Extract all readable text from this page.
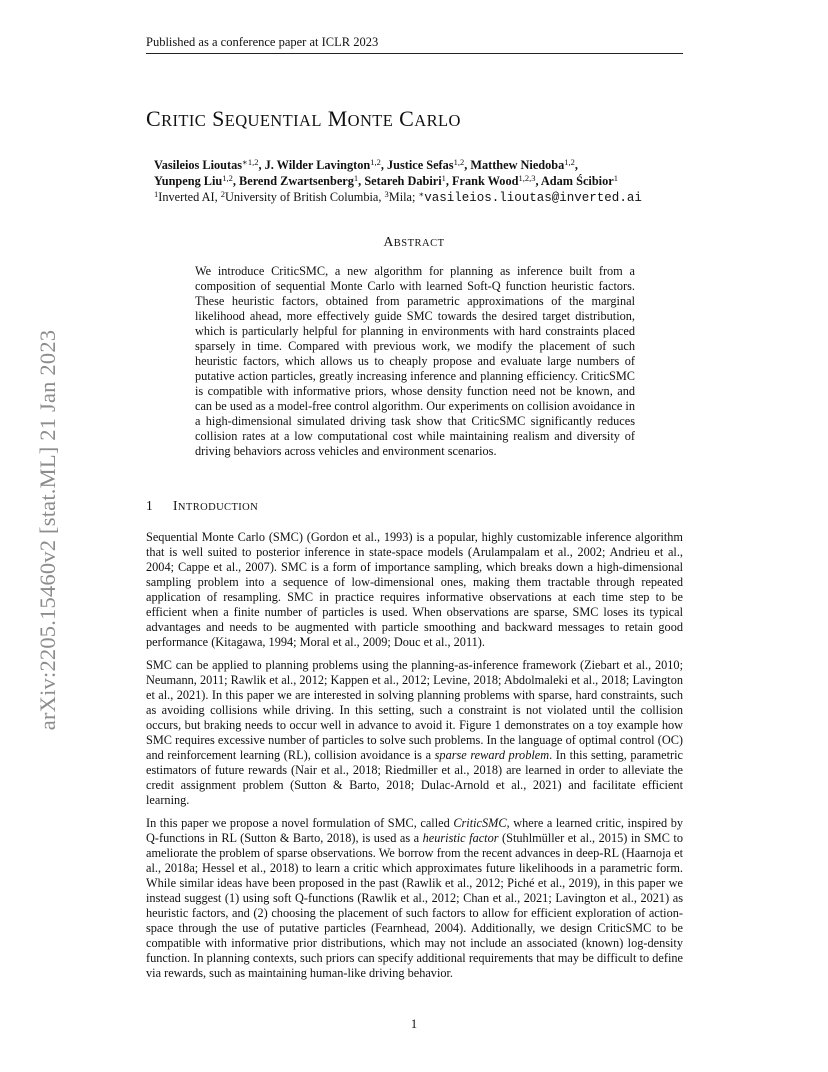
Published as a conference paper at ICLR 2023
arXiv:2205.15460v2 [stat.ML] 21 Jan 2023
CRITIC SEQUENTIAL MONTE CARLO
Vasileios Lioutas$^{∗1,2}$, J. Wilder Lavington$^{1,2}$, Justice Sefas$^{1,2}$, Matthew Niedoba$^{1,2}$,
Yunpeng Liu$^{1,2}$, Berend Zwartsenberg$^1$, Setareh Dabiri$^1$, Frank Wood$^{1,2,3}$, Adam Ścibior$^1$
$^1$Inverted AI, $^2$University of British Columbia, $^3$Mila; ∗vasileios.lioutas@inverted.ai
ABSTRACT
We introduce CriticSMC, a new algorithm for planning as inference built from a composition of sequential Monte Carlo with learned Soft-Q function heuristic factors. These heuristic factors, obtained from parametric approximations of the marginal likelihood ahead, more effectively guide SMC towards the desired target distribution, which is particularly helpful for planning in environments with hard constraints placed sparsely in time. Compared with previous work, we modify the placement of such heuristic factors, which allows us to cheaply propose and evaluate large numbers of putative action particles, greatly increasing inference and planning efficiency. CriticSMC is compatible with informative priors, whose density function need not be known, and can be used as a model-free control algorithm. Our experiments on collision avoidance in a high-dimensional simulated driving task show that CriticSMC significantly reduces collision rates at a low computational cost while maintaining realism and diversity of driving behaviors across vehicles and environment scenarios.
1 INTRODUCTION

Sequential Monte Carlo (SMC) (Gordon et al., 1993) is a popular, highly customizable inference algorithm that is well suited to posterior inference in state-space models (Arulampalam et al., 2002; Andrieu et al., 2004; Cappe et al., 2007). SMC is a form of importance sampling, which breaks down a high-dimensional sampling problem into a sequence of low-dimensional ones, making them tractable through repeated application of resampling. SMC in practice requires informative observations at each time step to be efficient when a finite number of particles is used. When observations are sparse, SMC loses its typical advantages and needs to be augmented with particle smoothing and backward messages to retain good performance (Kitagawa, 1994; Moral et al., 2009; Douc et al., 2011).

SMC can be applied to planning problems using the planning-as-inference framework (Ziebart et al., 2010; Neumann, 2011; Rawlik et al., 2012; Kappen et al., 2012; Levine, 2018; Abdolmaleki et al., 2018; Lavington et al., 2021). In this paper we are interested in solving planning problems with sparse, hard constraints, such as avoiding collisions while driving. In this setting, such a constraint is not violated until the collision occurs, but braking needs to occur well in advance to avoid it. Figure 1 demonstrates on a toy example how SMC requires excessive number of particles to solve such problems. In the language of optimal control (OC) and reinforcement learning (RL), collision avoidance is a sparse reward problem. In this setting, parametric estimators of future rewards (Nair et al., 2018; Riedmiller et al., 2018) are learned in order to alleviate the credit assignment problem (Sutton & Barto, 2018; Dulac-Arnold et al., 2021) and facilitate efficient learning.

In this paper we propose a novel formulation of SMC, called CriticSMC, where a learned critic, inspired by Q-functions in RL (Sutton & Barto, 2018), is used as a heuristic factor (Stuhlmüller et al., 2015) in SMC to ameliorate the problem of sparse observations. We borrow from the recent advances in deep-RL (Haarnoja et al., 2018a; Hessel et al., 2018) to learn a critic which approximates future likelihoods in a parametric form. While similar ideas have been proposed in the past (Rawlik et al., 2012; Piché et al., 2019), in this paper we instead suggest (1) using soft Q-functions (Rawlik et al., 2012; Chan et al., 2021; Lavington et al., 2021) as heuristic factors, and (2) choosing the placement of such factors to allow for efficient exploration of action-space through the use of putative particles (Fearnhead, 2004). Additionally, we design CriticSMC to be compatible with informative prior distributions, which may not include an associated (known) log-density function. In planning contexts, such priors can specify additional requirements that may be difficult to define via rewards, such as maintaining human-like driving behavior.

1
